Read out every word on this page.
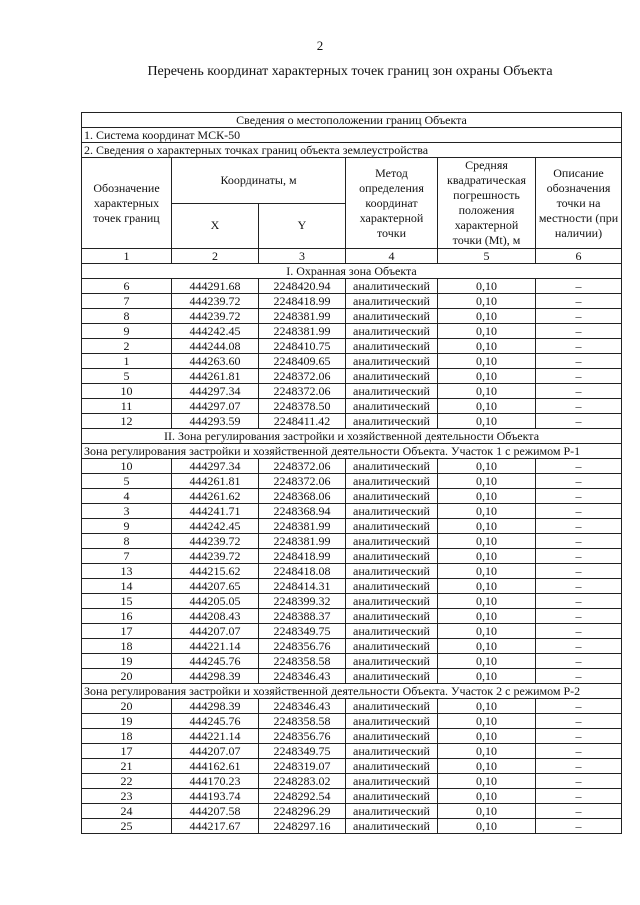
2
Перечень координат характерных точек границ зон охраны Объекта
Сведения о местоположении границ Объекта					
1. Система координат МСК-50					
2. Сведения о характерных точках границ объекта землеустройства					
Обозначение характерных точек границ	Координаты, м		Метод определения координат характерной точки	Средняя квадратическая погрешность положения характерной точки (Mt), м	Описание обозначения точки на местности (при наличии)
	X	Y			
1	2	3	4	5	6
I. Охранная зона Объекта					
6	444291.68	2248420.94	аналитический	0,10	–
7	444239.72	2248418.99	аналитический	0,10	–
8	444239.72	2248381.99	аналитический	0,10	–
9	444242.45	2248381.99	аналитический	0,10	–
2	444244.08	2248410.75	аналитический	0,10	–
1	444263.60	2248409.65	аналитический	0,10	–
5	444261.81	2248372.06	аналитический	0,10	–
10	444297.34	2248372.06	аналитический	0,10	–
11	444297.07	2248378.50	аналитический	0,10	–
12	444293.59	2248411.42	аналитический	0,10	–
II. Зона регулирования застройки и хозяйственной деятельности Объекта					
Зона регулирования застройки и хозяйственной деятельности Объекта. Участок 1 с режимом Р-1					
10	444297.34	2248372.06	аналитический	0,10	–
5	444261.81	2248372.06	аналитический	0,10	–
4	444261.62	2248368.06	аналитический	0,10	–
3	444241.71	2248368.94	аналитический	0,10	–
9	444242.45	2248381.99	аналитический	0,10	–
8	444239.72	2248381.99	аналитический	0,10	–
7	444239.72	2248418.99	аналитический	0,10	–
13	444215.62	2248418.08	аналитический	0,10	–
14	444207.65	2248414.31	аналитический	0,10	–
15	444205.05	2248399.32	аналитический	0,10	–
16	444208.43	2248388.37	аналитический	0,10	–
17	444207.07	2248349.75	аналитический	0,10	–
18	444221.14	2248356.76	аналитический	0,10	–
19	444245.76	2248358.58	аналитический	0,10	–
20	444298.39	2248346.43	аналитический	0,10	–
Зона регулирования застройки и хозяйственной деятельности Объекта. Участок 2 с режимом Р-2					
20	444298.39	2248346.43	аналитический	0,10	–
19	444245.76	2248358.58	аналитический	0,10	–
18	444221.14	2248356.76	аналитический	0,10	–
17	444207.07	2248349.75	аналитический	0,10	–
21	444162.61	2248319.07	аналитический	0,10	–
22	444170.23	2248283.02	аналитический	0,10	–
23	444193.74	2248292.54	аналитический	0,10	–
24	444207.58	2248296.29	аналитический	0,10	–
25	444217.67	2248297.16	аналитический	0,10	–
